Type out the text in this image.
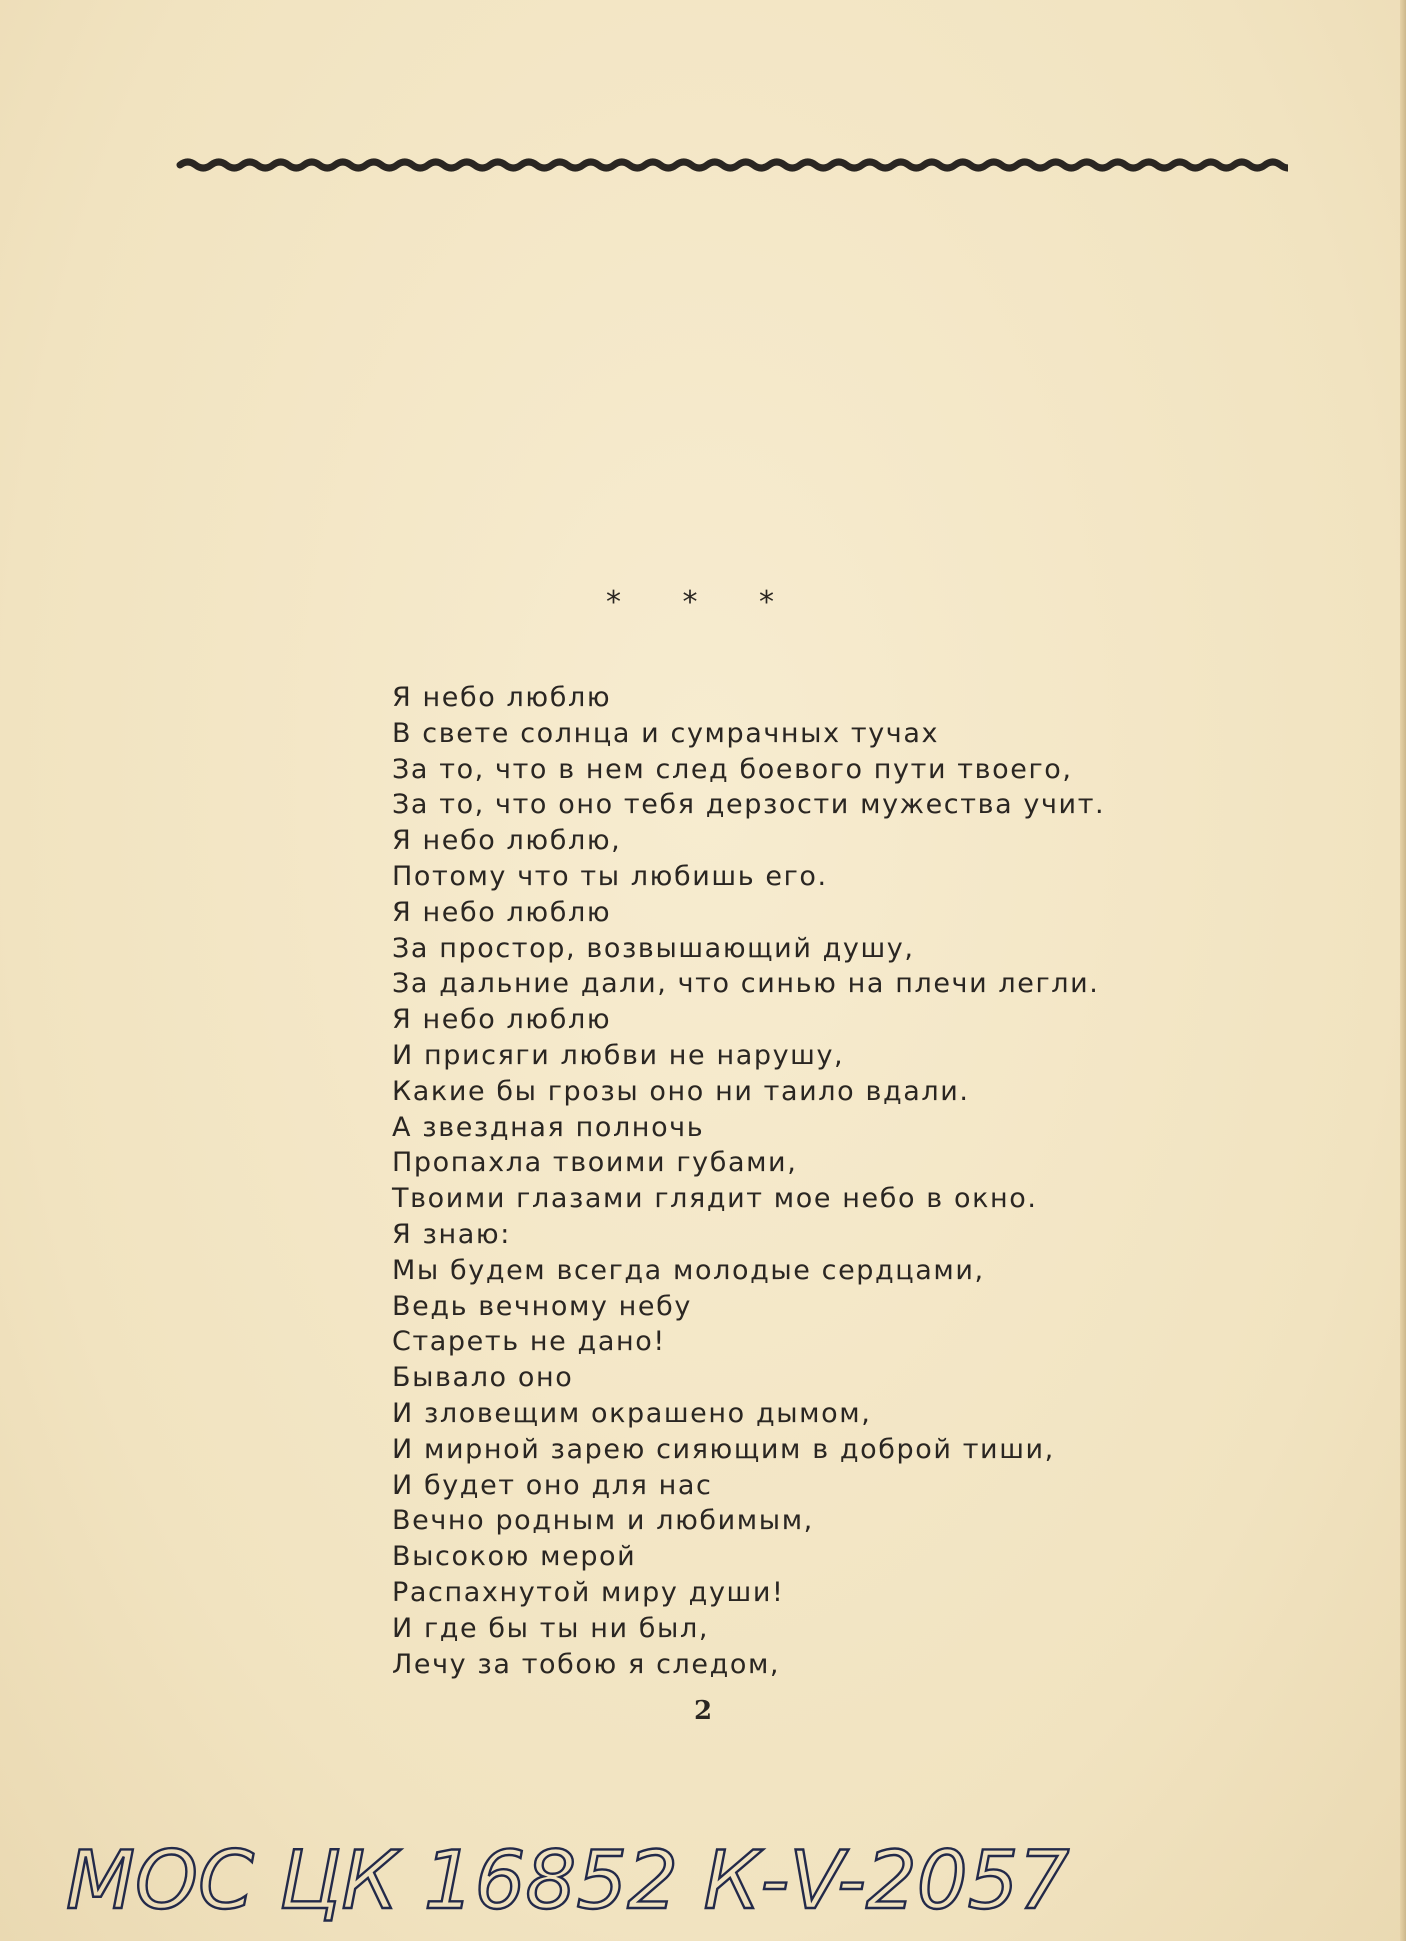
* * *
Я небо люблю
В свете солнца и сумрачных тучах
За то, что в нем след боевого пути твоего,
За то, что оно тебя дерзости мужества учит.
Я небо люблю,
Потому что ты любишь его.
Я небо люблю
За простор, возвышающий душу,
За дальние дали, что синью на плечи легли.
Я небо люблю
И присяги любви не нарушу,
Какие бы грозы оно ни таило вдали.
А звездная полночь
Пропахла твоими губами,
Твоими глазами глядит мое небо в окно.
Я знаю:
Мы будем всегда молодые сердцами,
Ведь вечному небу
Стареть не дано!
Бывало оно
И зловещим окрашено дымом,
И мирной зарею сияющим в доброй тиши,
И будет оно для нас
Вечно родным и любимым,
Высокою мерой
Распахнутой миру души!
И где бы ты ни был,
Лечу за тобою я следом,
2
МОС ЦК 16852 К-V-2057
